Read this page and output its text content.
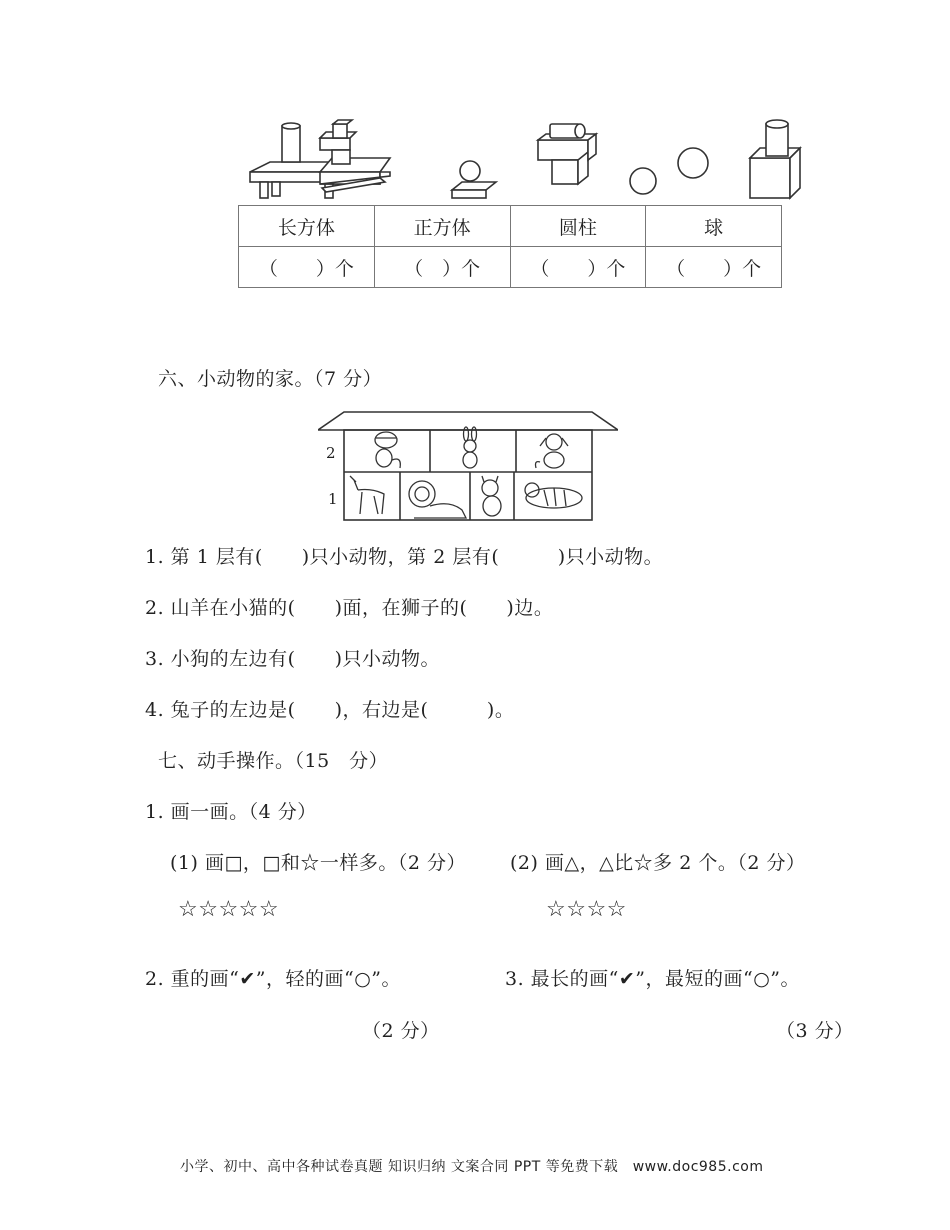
长方体	正方体	圆柱	球
（　　）个	（　）个	（　　）个	（　　）个
六、小动物的家。（7 分）
2
1
1. 第 1 层有(　　)只小动物，第 2 层有(　　　)只小动物。
2. 山羊在小猫的(　　)面，在狮子的(　　)边。
3. 小狗的左边有(　　)只小动物。
4. 兔子的左边是(　　)，右边是(　　　)。
七、动手操作。（15　分）
1. 画一画。（4 分）
(1) 画□，□和☆一样多。（2 分） (2) 画△，△比☆多 2 个。（2 分）
☆☆☆☆☆	☆☆☆☆
2. 重的画“✔”，轻的画“○”。	3. 最长的画“✔”，最短的画“○”。
（2 分）	（3 分）
小学、初中、高中各种试卷真题 知识归纳 文案合同 PPT 等免费下载　www.doc985.com
